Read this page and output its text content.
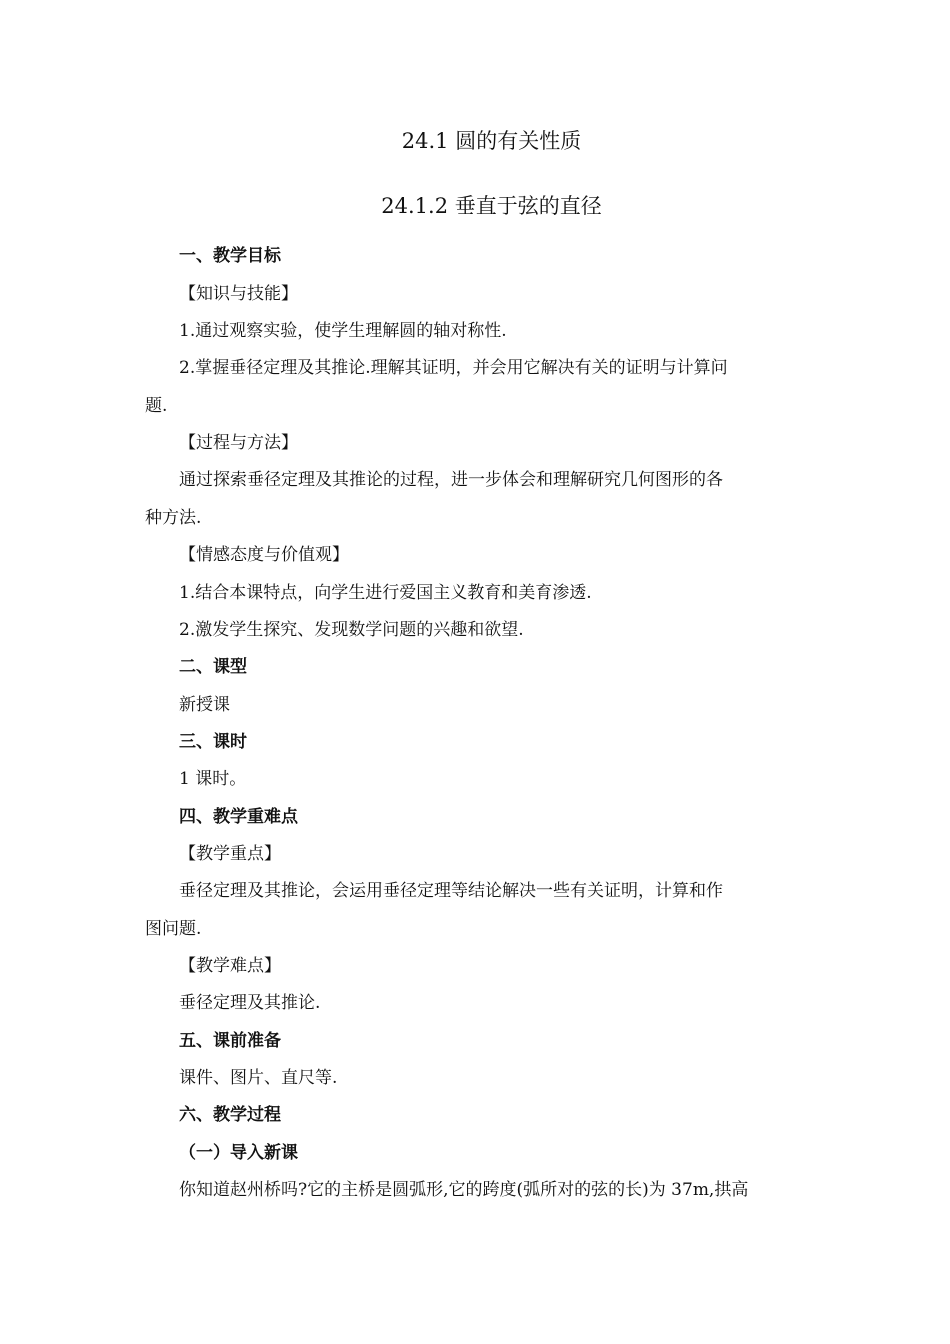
24.1 圆的有关性质
24.1.2 垂直于弦的直径
一、教学目标
【知识与技能】
1.通过观察实验，使学生理解圆的轴对称性.
2.掌握垂径定理及其推论.理解其证明，并会用它解决有关的证明与计算问
题.
【过程与方法】
通过探索垂径定理及其推论的过程，进一步体会和理解研究几何图形的各
种方法.
【情感态度与价值观】
1.结合本课特点，向学生进行爱国主义教育和美育渗透.
2.激发学生探究、发现数学问题的兴趣和欲望.
二、课型
新授课
三、课时
1 课时。
四、教学重难点
【教学重点】
垂径定理及其推论，会运用垂径定理等结论解决一些有关证明，计算和作
图问题.
【教学难点】
垂径定理及其推论.
五、课前准备
课件、图片、直尺等.
六、教学过程
（一）导入新课
你知道赵州桥吗?它的主桥是圆弧形,它的跨度(弧所对的弦的长)为 37m,拱高
